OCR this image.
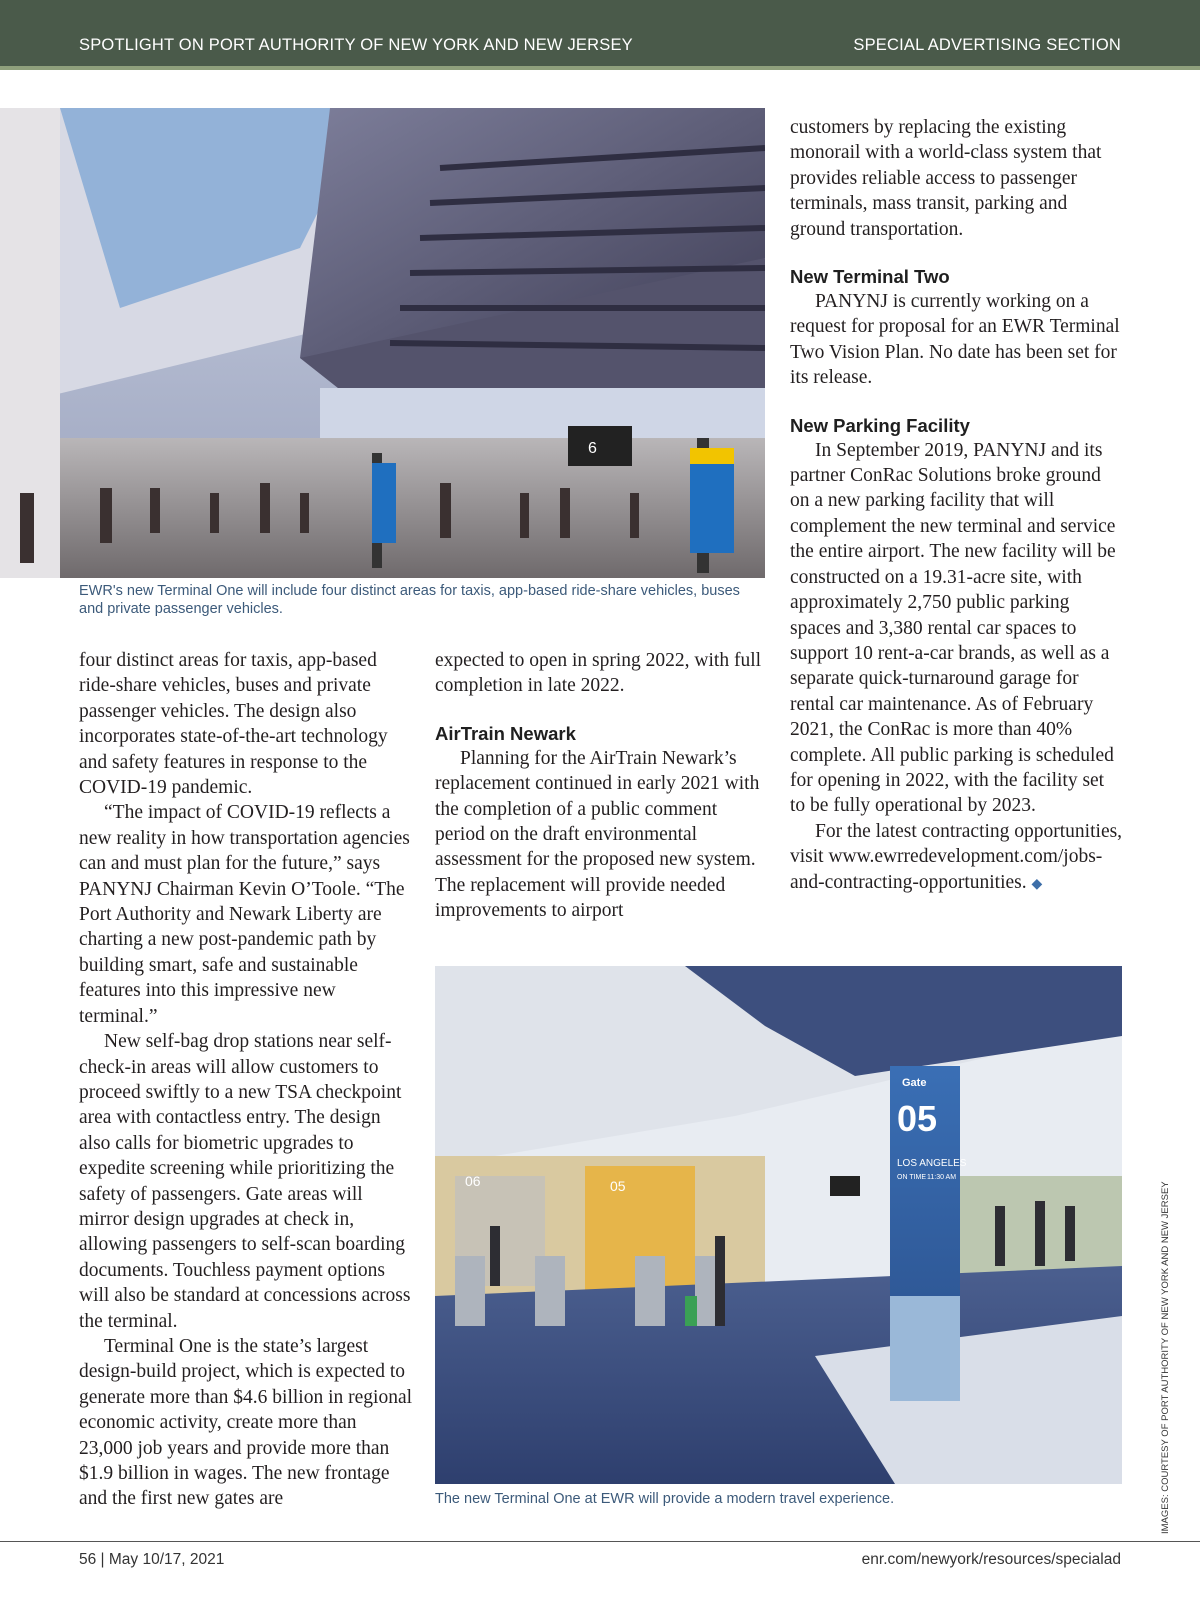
SPOTLIGHT ON PORT AUTHORITY OF NEW YORK AND NEW JERSEY	SPECIAL ADVERTISING SECTION
6
EWR's new Terminal One will include four distinct areas for taxis, app-based ride-share vehicles, buses and private passenger vehicles.

four distinct areas for taxis, app-based ride-share vehicles, buses and private passenger vehicles. The design also incorporates state-of-the-art technology and safety features in response to the COVID-19 pandemic.

“The impact of COVID-19 reflects a new reality in how transportation agencies can and must plan for the future,” says PANYNJ Chairman Kevin O’Toole. “The Port Authority and Newark Liberty are charting a new post-pandemic path by building smart, safe and sustainable features into this impressive new terminal.”

New self-bag drop stations near self-check-in areas will allow customers to proceed swiftly to a new TSA checkpoint area with contactless entry. The design also calls for biometric upgrades to expedite screening while prioritizing the safety of passengers. Gate areas will mirror design upgrades at check in, allowing passengers to self-scan boarding documents. Touchless payment options will also be standard at concessions across the terminal.

Terminal One is the state’s largest design-build project, which is expected to generate more than $4.6 billion in regional economic activity, create more than 23,000 job years and provide more than $1.9 billion in wages. The new frontage and the first new gates are

expected to open in spring 2022, with full completion in late 2022.

AirTrain Newark

Planning for the AirTrain Newark’s replacement continued in early 2021 with the completion of a public comment period on the draft environmental assessment for the proposed new system. The replacement will provide needed improvements to airport

customers by replacing the existing monorail with a world-class system that provides reliable access to passenger terminals, mass transit, parking and ground transportation.

New Terminal Two

PANYNJ is currently working on a request for proposal for an EWR Terminal Two Vision Plan. No date has been set for its release.

New Parking Facility

In September 2019, PANYNJ and its partner ConRac Solutions broke ground on a new parking facility that will complement the new terminal and service the entire airport. The new facility will be constructed on a 19.31-acre site, with approximately 2,750 public parking spaces and 3,380 rental car spaces to support 10 rent-a-car brands, as well as a separate quick-turnaround garage for rental car maintenance. As of February 2021, the ConRac is more than 40% complete. All public parking is scheduled for opening in 2022, with the facility set to be fully operational by 2023.

For the latest contracting opportunities, visit www.ewrredevelopment.com/jobs-and-contracting-opportunities. ◆

Gate
05
LOS ANGELES
ON TIME 11:30 AM
06	05
The new Terminal One at EWR will provide a modern travel experience.	IMAGES: COURTESY OF PORT AUTHORITY OF NEW YORK AND NEW JERSEY
56 | May 10/17, 2021	enr.com/newyork/resources/specialad
